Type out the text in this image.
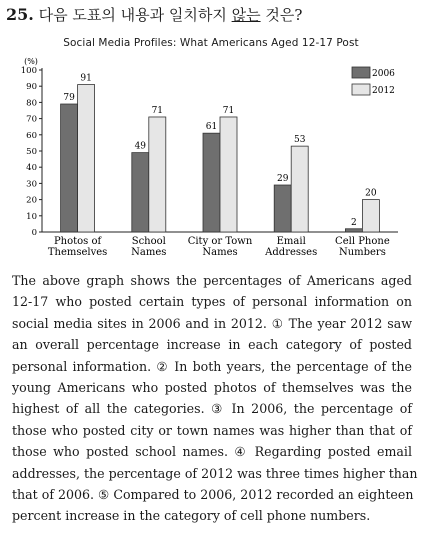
25. 다음 도표의 내용과 일치하지 않는 것은?
Social Media Profiles: What Americans Aged 12-17 Post
(%)
0
10
20
30
40
50
60
70
80
90
100
79
91
Photos of
Themselves
49
71
School
Names
61
71
City or Town
Names
29
53
Email
Addresses
2
20
Cell Phone
Numbers
2006
2012
The above graph shows the percentages of Americans aged
12-17 who posted certain types of personal information on
social media sites in 2006 and in 2012. ① The year 2012 saw
an overall percentage increase in each category of posted
personal information. ② In both years, the percentage of the
young Americans who posted photos of themselves was the
highest of all the categories. ③ In 2006, the percentage of
those who posted city or town names was higher than that of
those who posted school names. ④ Regarding posted email
addresses, the percentage of 2012 was three times higher than
that of 2006. ⑤ Compared to 2006, 2012 recorded an eighteen
percent increase in the category of cell phone numbers.
